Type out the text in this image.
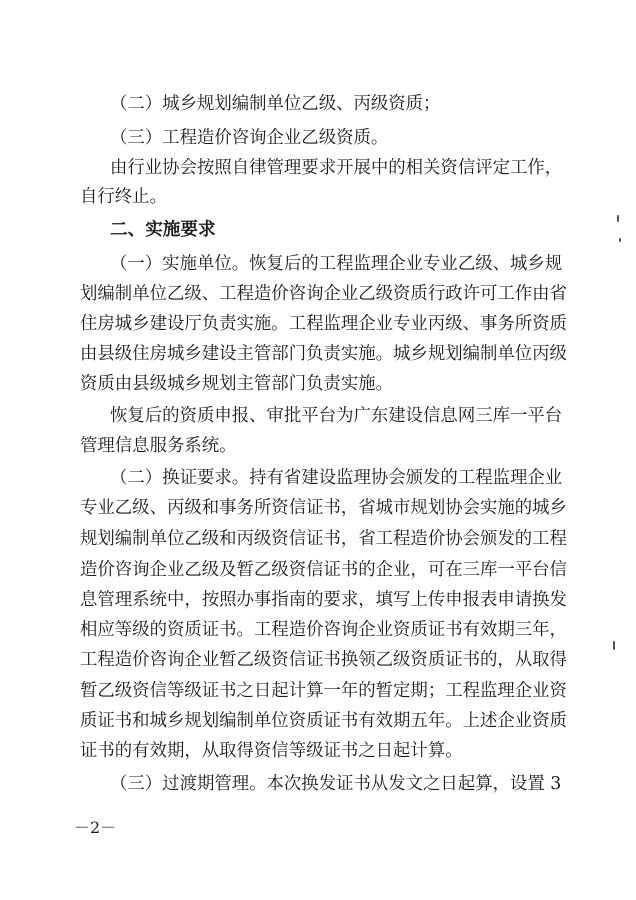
（二）城乡规划编制单位乙级、丙级资质；
（三）工程造价咨询企业乙级资质。
由行业协会按照自律管理要求开展中的相关资信评定工作，
自行终止。
二、实施要求
（一）实施单位。恢复后的工程监理企业专业乙级、城乡规
划编制单位乙级、工程造价咨询企业乙级资质行政许可工作由省
住房城乡建设厅负责实施。工程监理企业专业丙级、事务所资质
由县级住房城乡建设主管部门负责实施。城乡规划编制单位丙级
资质由县级城乡规划主管部门负责实施。
恢复后的资质申报、审批平台为广东建设信息网三库一平台
管理信息服务系统。
（二）换证要求。持有省建设监理协会颁发的工程监理企业
专业乙级、丙级和事务所资信证书，省城市规划协会实施的城乡
规划编制单位乙级和丙级资信证书，省工程造价协会颁发的工程
造价咨询企业乙级及暂乙级资信证书的企业，可在三库一平台信
息管理系统中，按照办事指南的要求，填写上传申报表申请换发
相应等级的资质证书。工程造价咨询企业资质证书有效期三年，
工程造价咨询企业暂乙级资信证书换领乙级资质证书的，从取得
暂乙级资信等级证书之日起计算一年的暂定期；工程监理企业资
质证书和城乡规划编制单位资质证书有效期五年。上述企业资质
证书的有效期，从取得资信等级证书之日起计算。
（三）过渡期管理。本次换发证书从发文之日起算，设置 3
－2－
